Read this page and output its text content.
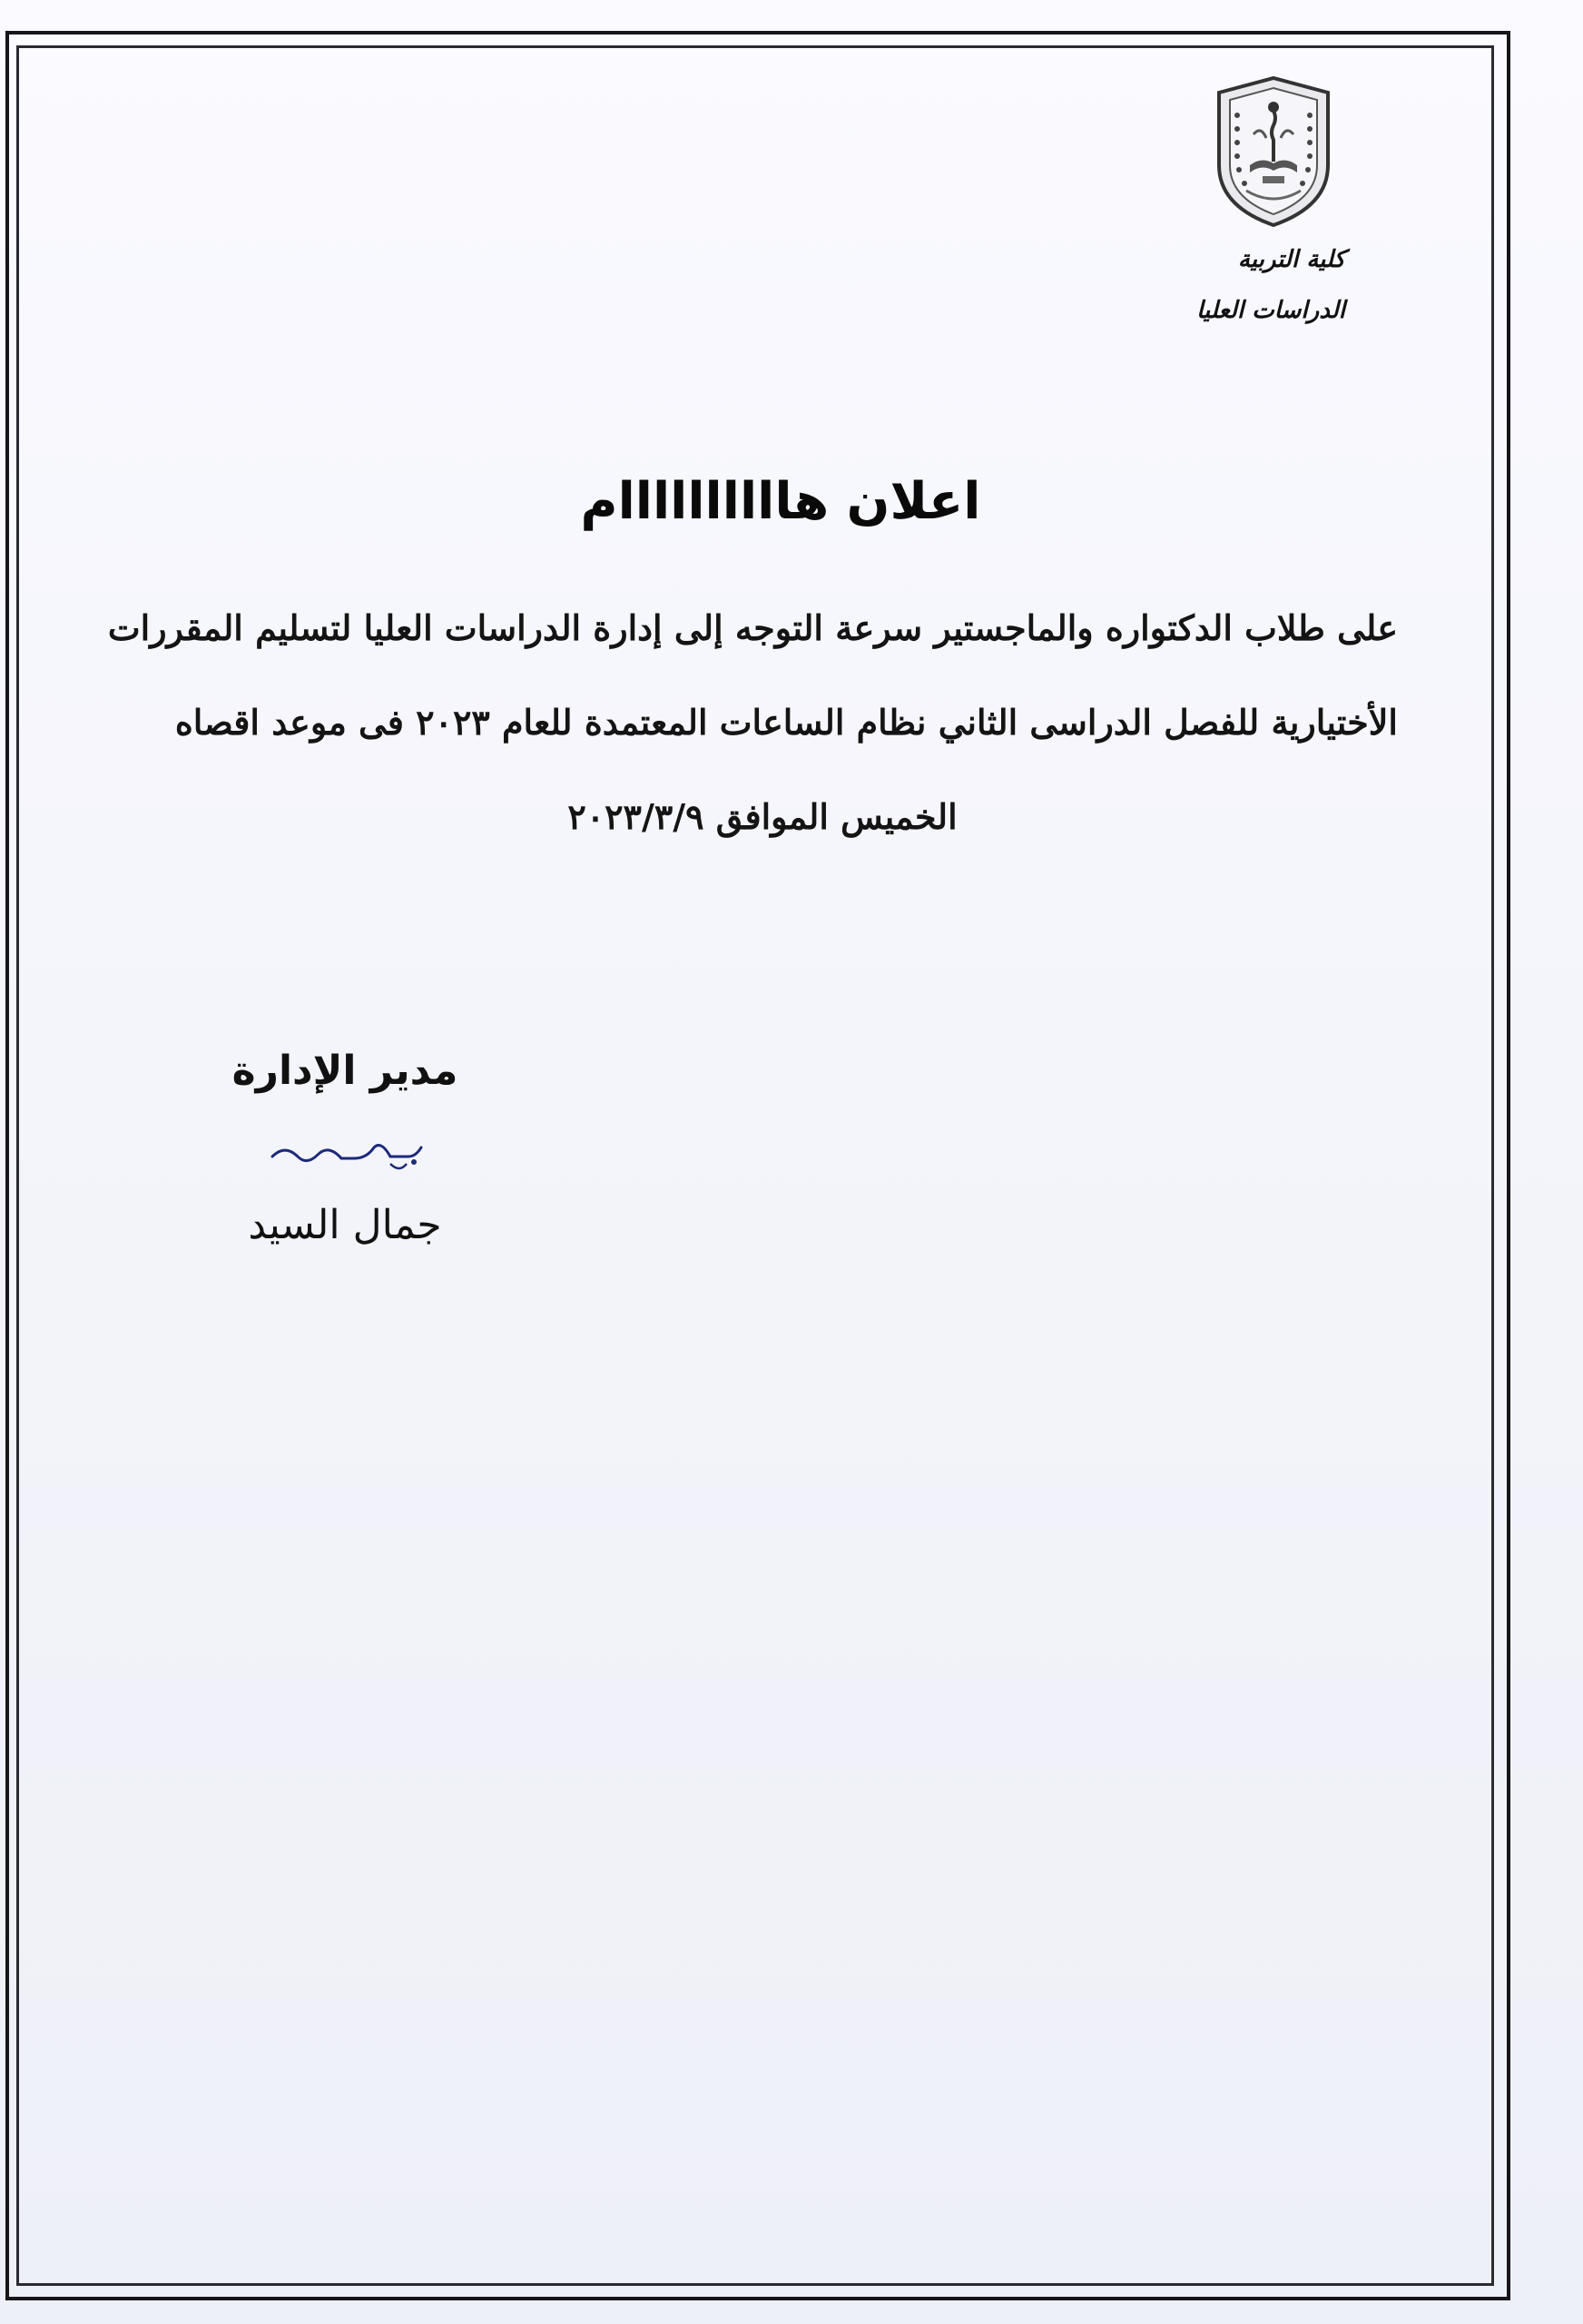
كلية التربية
الدراسات العليا
اعلان هاااااااااام
على طلاب الدكتواره والماجستير سرعة التوجه إلى إدارة الدراسات العليا لتسليم المقررات
الأختيارية للفصل الدراسى الثاني نظام الساعات المعتمدة للعام ٢٠٢٣ فى موعد اقصاه
الخميس الموافق ٢٠٢٣/٣/٩
مدير الإدارة
جمال السيد
